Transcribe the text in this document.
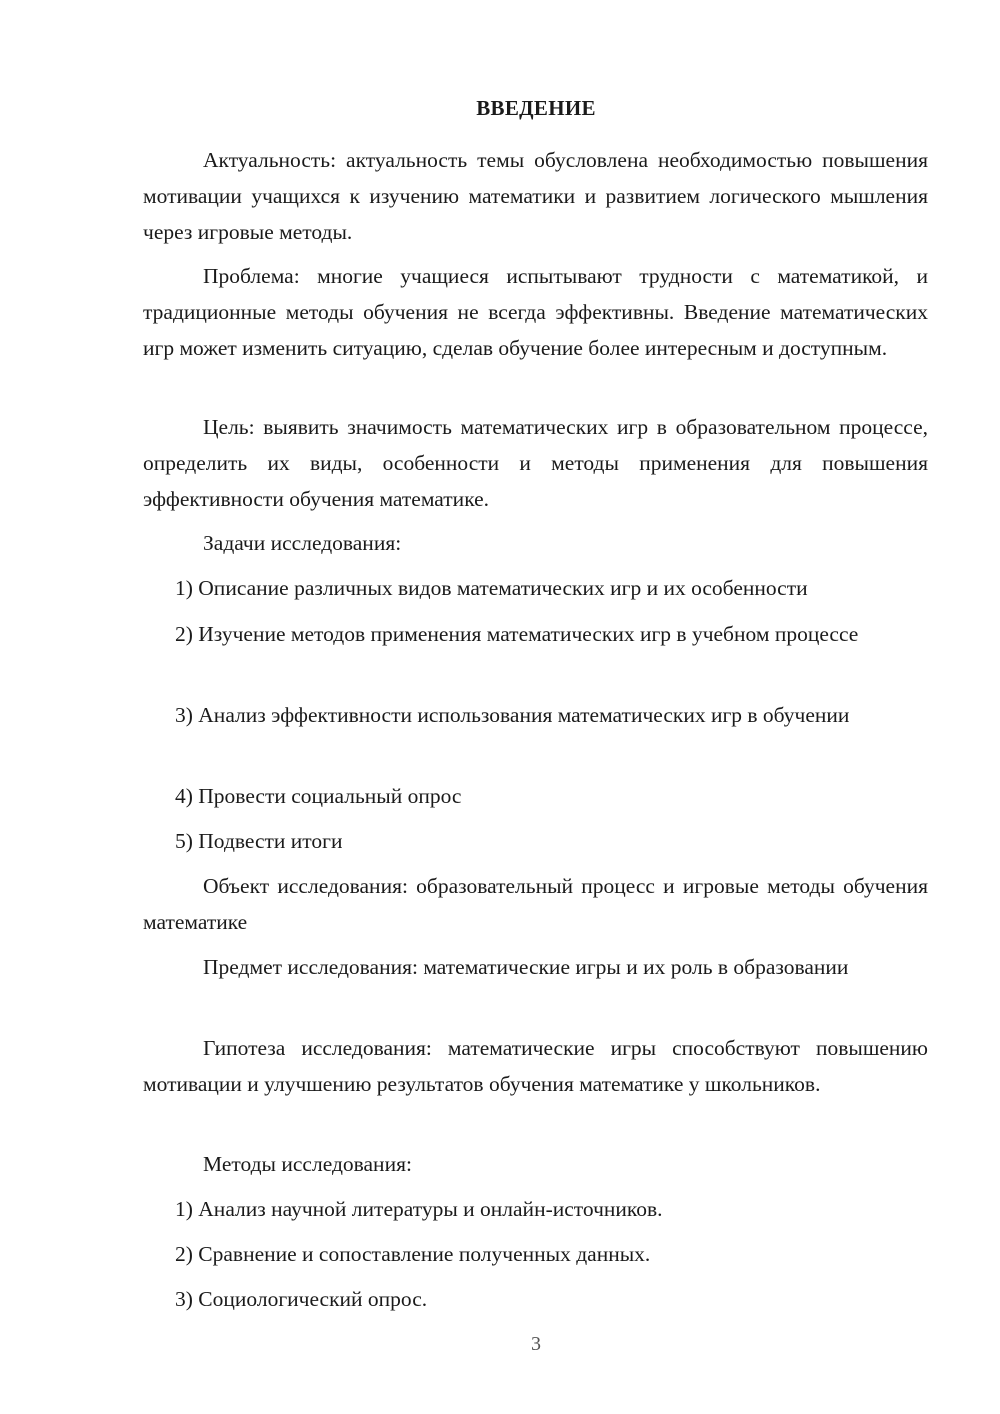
ВВЕДЕНИЕ
Актуальность: актуальность темы обусловлена необходимостью повышения мотивации учащихся к изучению математики и развитием логического мышления через игровые методы.
Проблема: многие учащиеся испытывают трудности с математикой, и традиционные методы обучения не всегда эффективны. Введение математических игр может изменить ситуацию, сделав обучение более интересным и доступным.
Цель: выявить значимость математических игр в образовательном процессе, определить их виды, особенности и методы применения для повышения эффективности обучения математике.
Задачи исследования:
1) Описание различных видов математических игр и их особенности
2) Изучение методов применения математических игр в учебном процессе
3) Анализ эффективности использования математических игр в обучении
4) Провести социальный опрос
5) Подвести итоги
Объект исследования: образовательный процесс и игровые методы обучения математике
Предмет исследования: математические игры и их роль в образовании
Гипотеза исследования: математические игры способствуют повышению мотивации и улучшению результатов обучения математике у школьников.
Методы исследования:
1) Анализ научной литературы и онлайн-источников.
2) Сравнение и сопоставление полученных данных.
3) Социологический опрос.
3
